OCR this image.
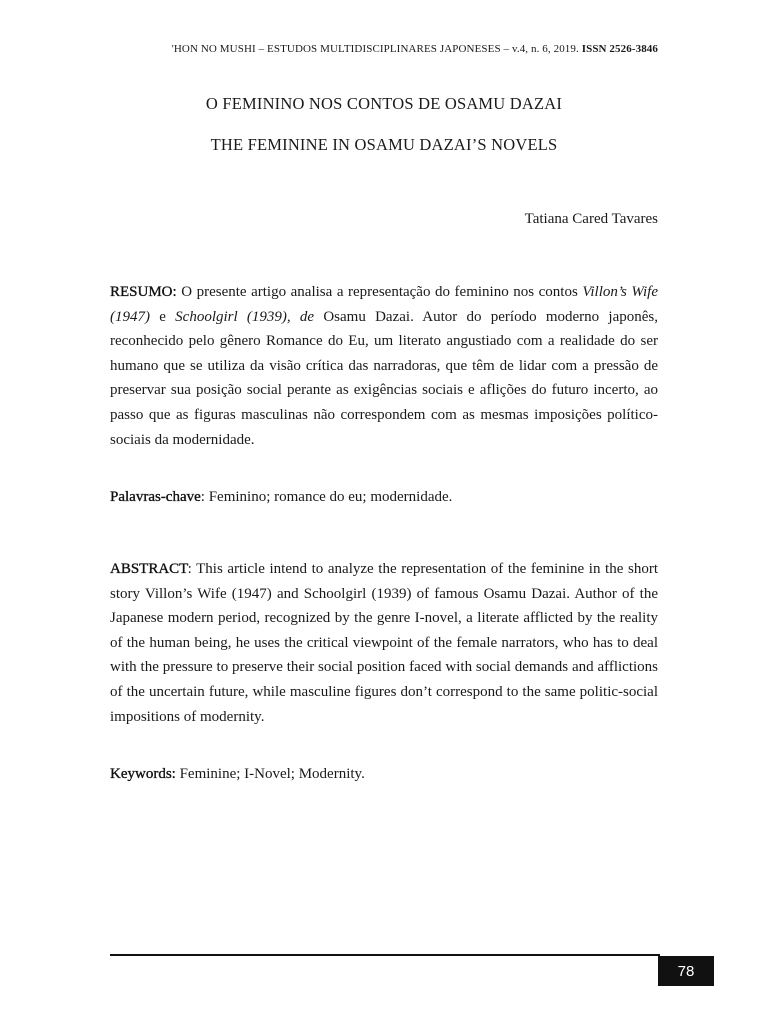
'HON NO MUSHI – ESTUDOS MULTIDISCIPLINARES JAPONESES – v.4, n. 6, 2019. ISSN 2526-3846
O FEMININO NOS CONTOS DE OSAMU DAZAI
THE FEMININE IN OSAMU DAZAI’S NOVELS

Tatiana Cared Tavares

RESUMO: O presente artigo analisa a representação do feminino nos contos Villon’s Wife (1947) e Schoolgirl (1939), de Osamu Dazai. Autor do período moderno japonês, reconhecido pelo gênero Romance do Eu, um literato angustiado com a realidade do ser humano que se utiliza da visão crítica das narradoras, que têm de lidar com a pressão de preservar sua posição social perante as exigências sociais e aflições do futuro incerto, ao passo que as figuras masculinas não correspondem com as mesmas imposições político-sociais da modernidade.

Palavras-chave: Feminino; romance do eu; modernidade.

ABSTRACT: This article intend to analyze the representation of the feminine in the short story Villon’s Wife (1947) and Schoolgirl (1939) of famous Osamu Dazai. Author of the Japanese modern period, recognized by the genre I-novel, a literate afflicted by the reality of the human being, he uses the critical viewpoint of the female narrators, who has to deal with the pressure to preserve their social position faced with social demands and afflictions of the uncertain future, while masculine figures don’t correspond to the same politic-social impositions of modernity.

Keywords: Feminine; I-Novel; Modernity.

78
